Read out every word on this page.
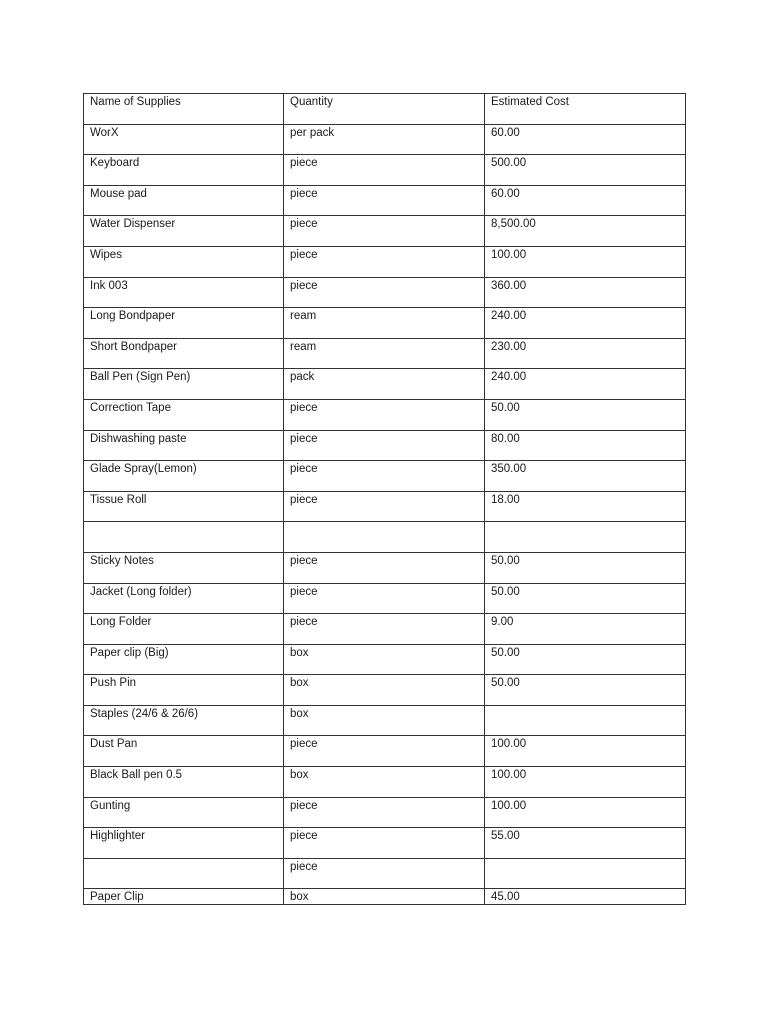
Name of Supplies	Quantity	Estimated Cost
WorX	per pack	60.00
Keyboard	piece	500.00
Mouse pad	piece	60.00
Water Dispenser	piece	8,500.00
Wipes	piece	100.00
Ink 003	piece	360.00
Long Bondpaper	ream	240.00
Short Bondpaper	ream	230.00
Ball Pen (Sign Pen)	pack	240.00
Correction Tape	piece	50.00
Dishwashing paste	piece	80.00
Glade Spray(Lemon)	piece	350.00
Tissue Roll	piece	18.00

Sticky Notes	piece	50.00
Jacket (Long folder)	piece	50.00
Long Folder	piece	9.00
Paper clip (Big)	box	50.00
Push Pin	box	50.00
Staples (24/6 & 26/6)	box	
Dust Pan	piece	100.00
Black Ball pen 0.5	box	100.00
Gunting	piece	100.00
Highlighter	piece	55.00
	piece	
Paper Clip	box	45.00
